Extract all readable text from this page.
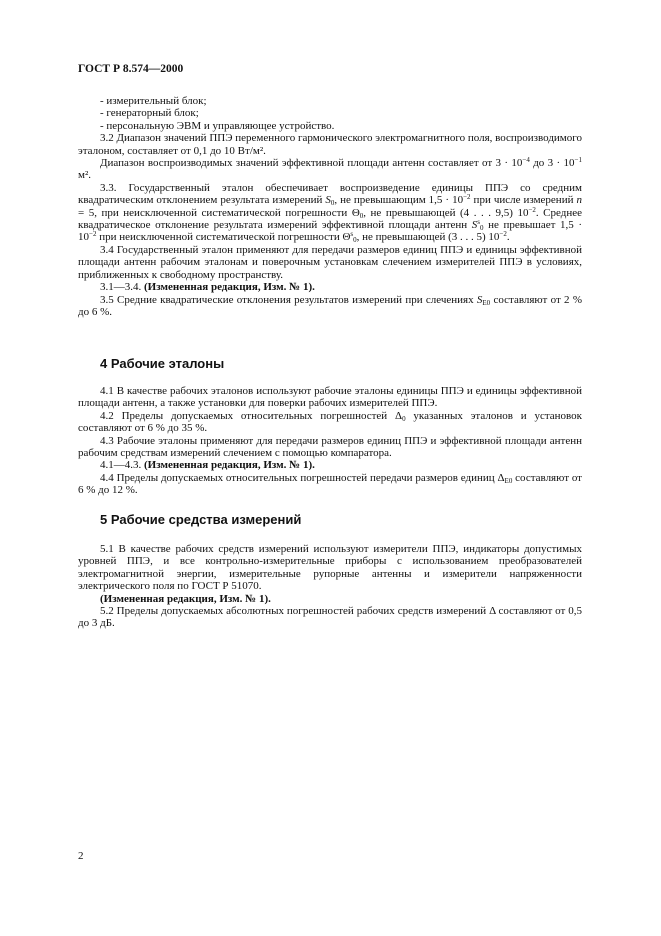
ГОСТ Р 8.574—2000

- измерительный блок;

- генераторный блок;

- персональную ЭВМ и управляющее устройство.

3.2 Диапазон значений ППЭ переменного гармонического электромагнитного поля, воспроизводимого эталоном, составляет от 0,1 до 10 Вт/м².

Диапазон воспроизводимых значений эффективной площади антенн составляет от $3 \cdot 10^{-4}$ до $3 \cdot 10^{-1}$ м².

3.3. Государственный эталон обеспечивает воспроизведение единицы ППЭ со средним квадратическим отклонением результата измерений $S_0$, не превышающим $1,5 \cdot 10^{-2}$ при числе измерений n = 5, при неисключенной систематической погрешности $\Theta_0$, не превышающей (4 . . . 9,5) $10^{-2}$. Среднее квадратическое отклонение результата измерений эффективной площади антенн $S^s_0$ не превышает $1,5 \cdot 10^{-2}$ при неисключенной систематической погрешности $\Theta^s_0$, не превышающей (3 . . . 5) $10^{-2}$.

3.4 Государственный эталон применяют для передачи размеров единиц ППЭ и единицы эффективной площади антенн рабочим эталонам и поверочным установкам слечением измерителей ППЭ в условиях, приближенных к свободному пространству.

3.1—3.4. (Измененная редакция, Изм. № 1).

3.5 Средние квадратические отклонения результатов измерений при слечениях $S_{Е0}$ составляют от 2 % до 6 %.

4 Рабочие эталоны

4.1 В качестве рабочих эталонов используют рабочие эталоны единицы ППЭ и единицы эффективной площади антенн, а также установки для поверки рабочих измерителей ППЭ.

4.2 Пределы допускаемых относительных погрешностей $\Delta_0$ указанных эталонов и установок составляют от 6 % до 35 %.

4.3 Рабочие эталоны применяют для передачи размеров единиц ППЭ и эффективной площади антенн рабочим средствам измерений слечением с помощью компаратора.

4.1—4.3. (Измененная редакция, Изм. № 1).

4.4 Пределы допускаемых относительных погрешностей передачи размеров единиц $\Delta_{Е0}$ составляют от 6 % до 12 %.

5 Рабочие средства измерений

5.1 В качестве рабочих средств измерений используют измерители ППЭ, индикаторы допустимых уровней ППЭ, и все контрольно-измерительные приборы с использованием преобразователей электромагнитной энергии, измерительные рупорные антенны и измерители напряженности электрического поля по ГОСТ Р 51070.

(Измененная редакция, Изм. № 1).

5.2 Пределы допускаемых абсолютных погрешностей рабочих средств измерений Δ составляют от 0,5 до 3 дБ.

2
